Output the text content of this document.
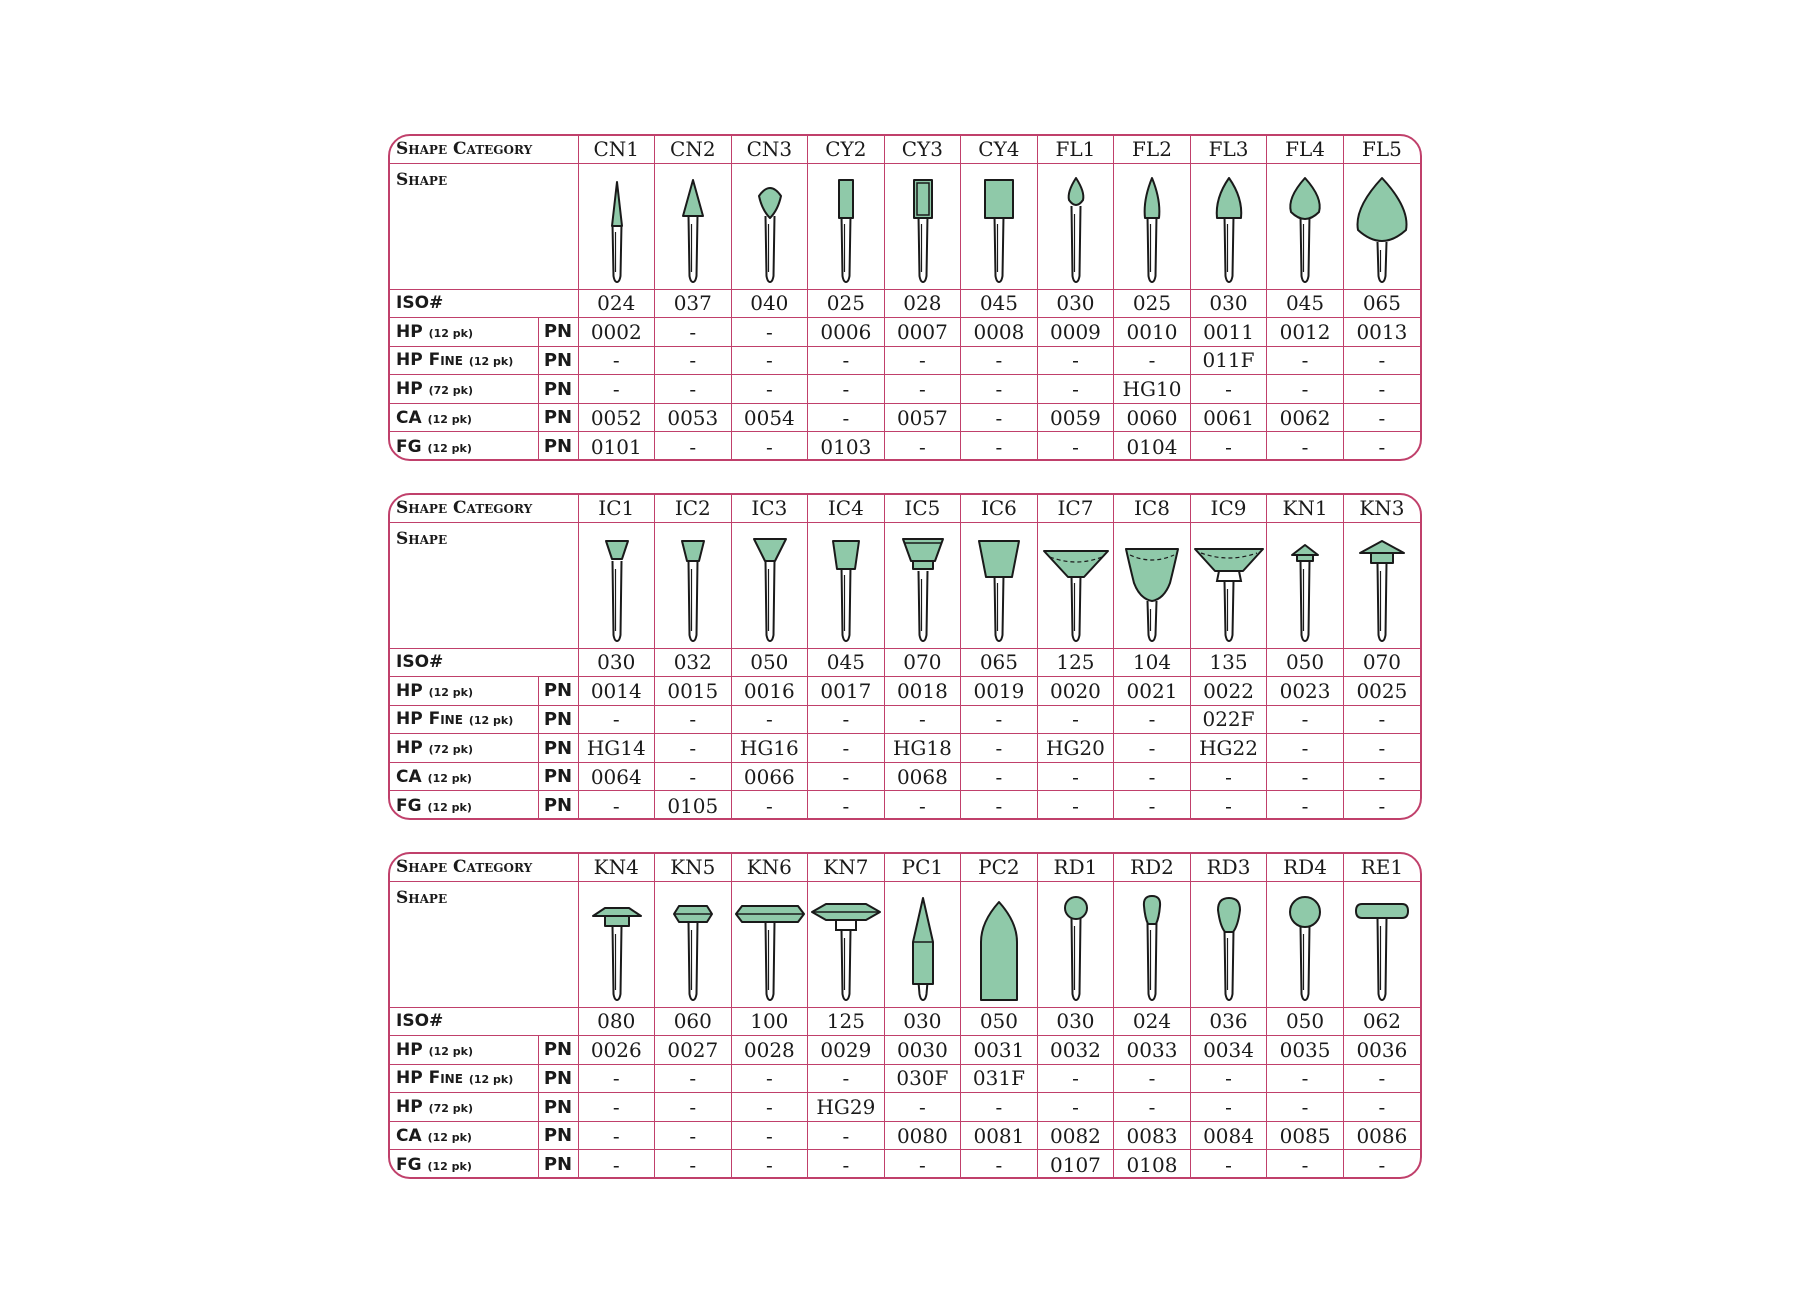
Shape Category		CN1	CN2	CN3	CY2	CY3	CY4	FL1	FL2	FL3	FL4	FL5
Shape	

ISO#		024	037	040	025	028	045	030	025	030	045	065
HP (12 pk)	PN	0002	-	-	0006	0007	0008	0009	0010	0011	0012	0013
HP Fine (12 pk)	PN	-	-	-	-	-	-	-	-	011F	-	-
HP (72 pk)	PN	-	-	-	-	-	-	-	HG10	-	-	-
CA (12 pk)	PN	0052	0053	0054	-	0057	-	0059	0060	0061	0062	-
FG (12 pk)	PN	0101	-	-	0103	-	-	-	0104	-	-	-
Shape Category		IC1	IC2	IC3	IC4	IC5	IC6	IC7	IC8	IC9	KN1	KN3
Shape	

ISO#		030	032	050	045	070	065	125	104	135	050	070
HP (12 pk)	PN	0014	0015	0016	0017	0018	0019	0020	0021	0022	0023	0025
HP Fine (12 pk)	PN	-	-	-	-	-	-	-	-	022F	-	-
HP (72 pk)	PN	HG14	-	HG16	-	HG18	-	HG20	-	HG22	-	-
CA (12 pk)	PN	0064	-	0066	-	0068	-	-	-	-	-	-
FG (12 pk)	PN	-	0105	-	-	-	-	-	-	-	-	-
Shape Category		KN4	KN5	KN6	KN7	PC1	PC2	RD1	RD2	RD3	RD4	RE1
Shape	

ISO#		080	060	100	125	030	050	030	024	036	050	062
HP (12 pk)	PN	0026	0027	0028	0029	0030	0031	0032	0033	0034	0035	0036
HP Fine (12 pk)	PN	-	-	-	-	030F	031F	-	-	-	-	-
HP (72 pk)	PN	-	-	-	HG29	-	-	-	-	-	-	-
CA (12 pk)	PN	-	-	-	-	0080	0081	0082	0083	0084	0085	0086
FG (12 pk)	PN	-	-	-	-	-	-	0107	0108	-	-	-
